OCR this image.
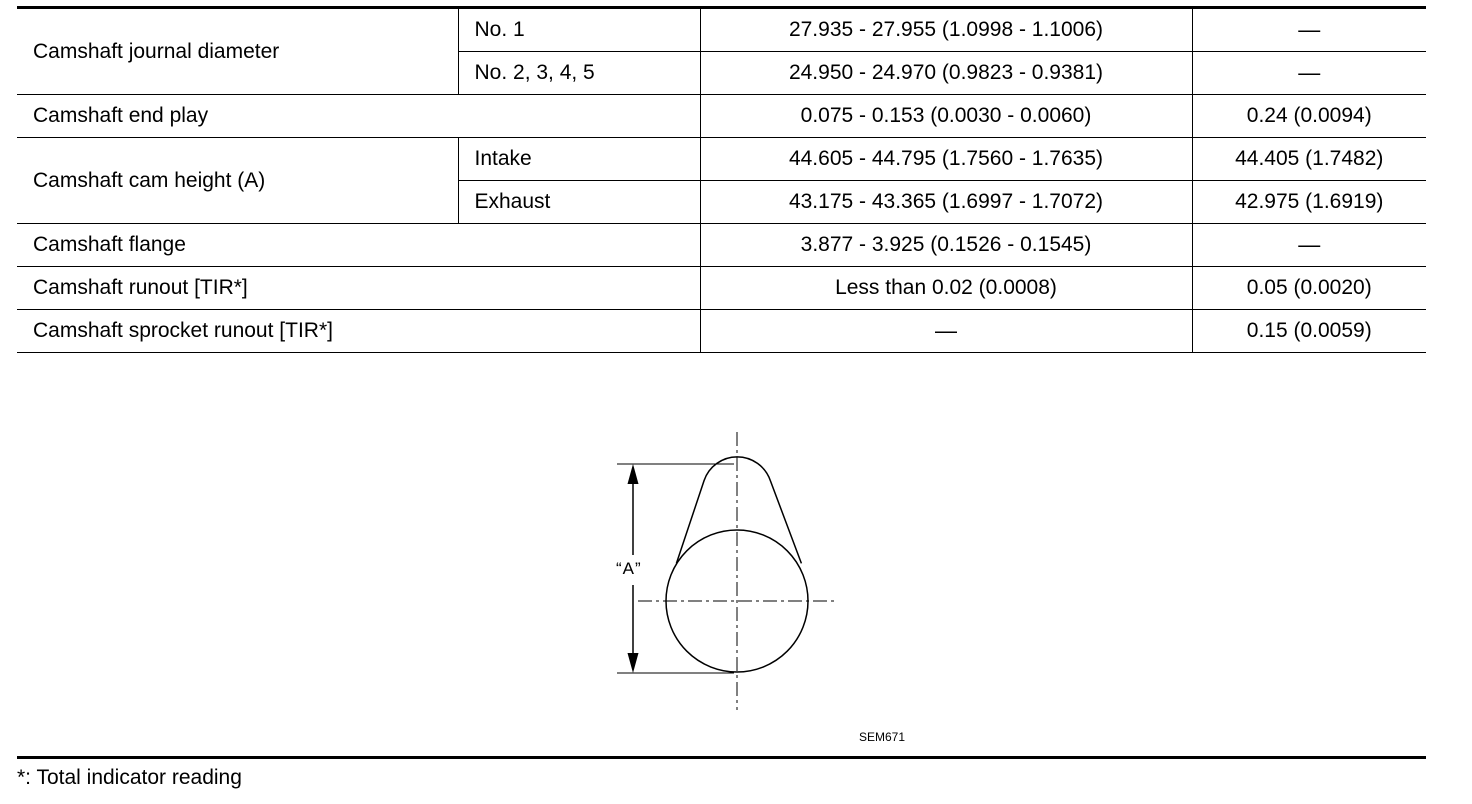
Camshaft journal diameter	No. 1	27.935 - 27.955 (1.0998 - 1.1006)	—
	No. 2, 3, 4, 5	24.950 - 24.970 (0.9823 - 0.9381)	—
Camshaft end play		0.075 - 0.153 (0.0030 - 0.0060)	0.24 (0.0094)
Camshaft cam height (A)	Intake	44.605 - 44.795 (1.7560 - 1.7635)	44.405 (1.7482)
	Exhaust	43.175 - 43.365 (1.6997 - 1.7072)	42.975 (1.6919)
Camshaft flange		3.877 - 3.925 (0.1526 - 0.1545)	—
Camshaft runout [TIR*]		Less than 0.02 (0.0008)	0.05 (0.0020)
Camshaft sprocket runout [TIR*]		—	0.15 (0.0059)
“A”
SEM671
*: Total indicator reading
